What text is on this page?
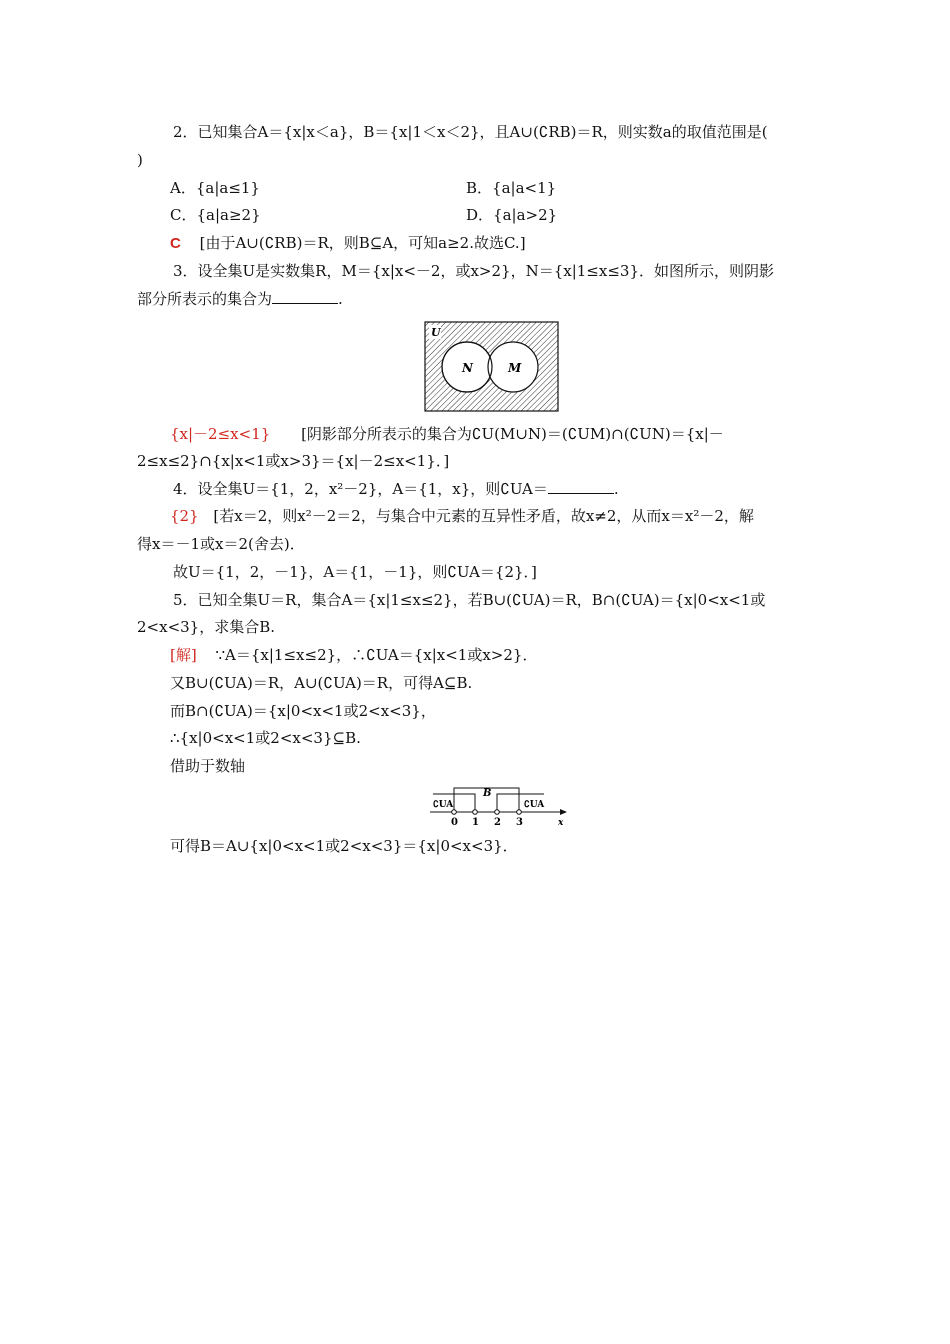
2．已知集合A＝{x|x＜a}，B＝{x|1＜x＜2}，且A∪(∁RB)＝R，则实数a的取值范围是(
)
A．{a|a≤1}	B．{a|a<1}
C．{a|a≥2}	D．{a|a>2}
C [由于A∪(∁RB)＝R，则B⊆A，可知a≥2.故选C.]
3．设全集U是实数集R，M＝{x|x<－2，或x>2}，N＝{x|1≤x≤3}．如图所示，则阴影
部分所表示的集合为	.
U
N	M
{x|－2≤x<1} [阴影部分所表示的集合为∁U(M∪N)＝(∁UM)∩(∁UN)＝{x|－
2≤x≤2}∩{x|x<1或x>3}＝{x|－2≤x<1}．]
4．设全集U＝{1，2，x²－2}，A＝{1，x}，则∁UA＝	.
{2} [若x＝2，则x²－2＝2，与集合中元素的互异性矛盾，故x≠2，从而x＝x²－2，解
得x＝－1或x＝2(舍去)．
故U＝{1，2，－1}，A＝{1，－1}，则∁UA＝{2}．]
5．已知全集U＝R，集合A＝{x|1≤x≤2}，若B∪(∁UA)＝R，B∩(∁UA)＝{x|0<x<1或
2<x<3}，求集合B.
[解] ∵A＝{x|1≤x≤2}，∴∁UA＝{x|x<1或x>2}．
又B∪(∁UA)＝R，A∪(∁UA)＝R，可得A⊆B.
而B∩(∁UA)＝{x|0<x<1或2<x<3}，
∴{x|0<x<1或2<x<3}⊆B.
借助于数轴
∁UA
B
∁UA
0 1 2 3	x
可得B＝A∪{x|0<x<1或2<x<3}＝{x|0<x<3}．
